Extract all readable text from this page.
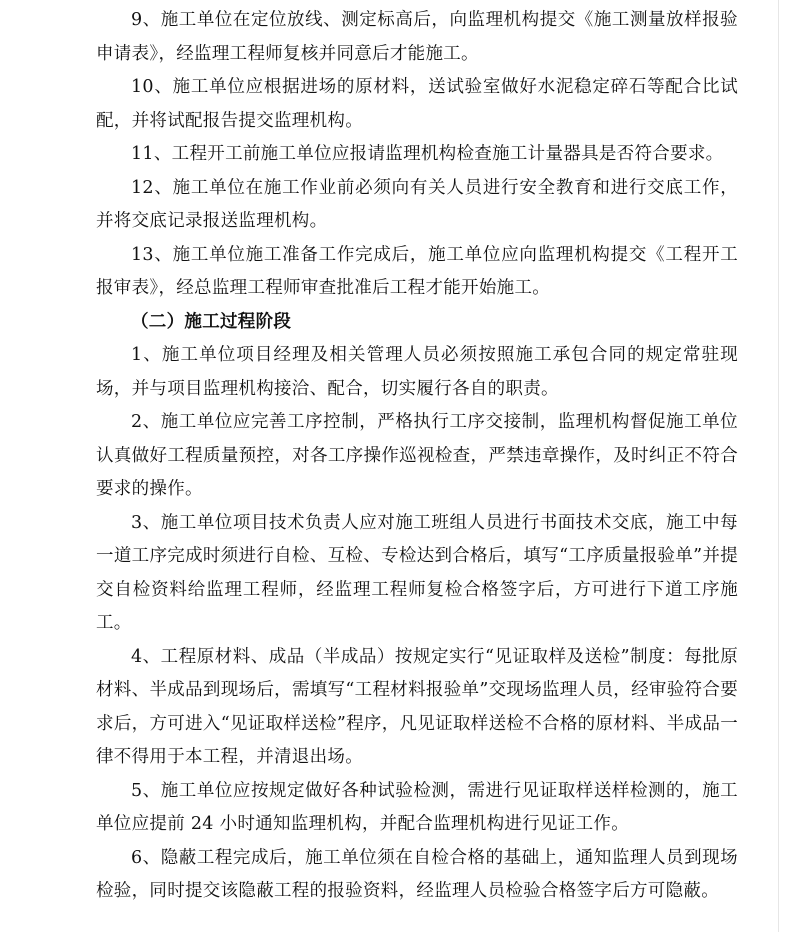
9、施工单位在定位放线、测定标高后，向监理机构提交《施工测量放样报验申请表》，经监理工程师复核并同意后才能施工。

10、施工单位应根据进场的原材料，送试验室做好水泥稳定碎石等配合比试配，并将试配报告提交监理机构。

11、工程开工前施工单位应报请监理机构检查施工计量器具是否符合要求。

12、施工单位在施工作业前必须向有关人员进行安全教育和进行交底工作，并将交底记录报送监理机构。

13、施工单位施工准备工作完成后，施工单位应向监理机构提交《工程开工报审表》，经总监理工程师审查批准后工程才能开始施工。

（二）施工过程阶段

1、施工单位项目经理及相关管理人员必须按照施工承包合同的规定常驻现场，并与项目监理机构接洽、配合，切实履行各自的职责。

2、施工单位应完善工序控制，严格执行工序交接制，监理机构督促施工单位认真做好工程质量预控，对各工序操作巡视检查，严禁违章操作，及时纠正不符合要求的操作。

3、施工单位项目技术负责人应对施工班组人员进行书面技术交底，施工中每一道工序完成时须进行自检、互检、专检达到合格后，填写“工序质量报验单”并提交自检资料给监理工程师，经监理工程师复检合格签字后，方可进行下道工序施工。

4、工程原材料、成品（半成品）按规定实行“见证取样及送检”制度：每批原材料、半成品到现场后，需填写“工程材料报验单”交现场监理人员，经审验符合要求后，方可进入“见证取样送检”程序，凡见证取样送检不合格的原材料、半成品一律不得用于本工程，并清退出场。

5、施工单位应按规定做好各种试验检测，需进行见证取样送样检测的，施工单位应提前 24 小时通知监理机构，并配合监理机构进行见证工作。

6、隐蔽工程完成后，施工单位须在自检合格的基础上，通知监理人员到现场检验，同时提交该隐蔽工程的报验资料，经监理人员检验合格签字后方可隐蔽。
